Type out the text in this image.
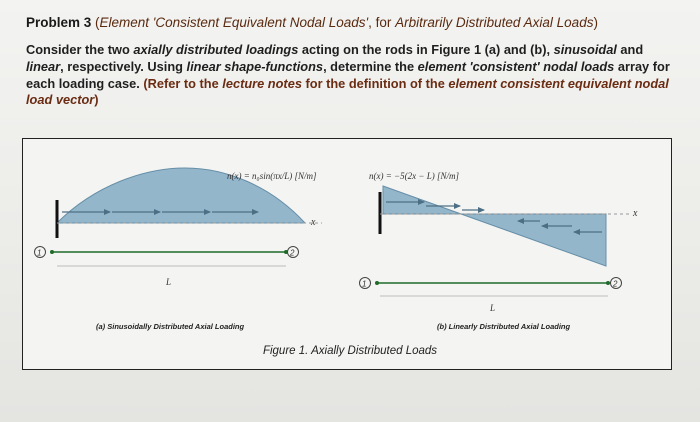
Problem 3 (Element 'Consistent Equivalent Nodal Loads', for Arbitrarily Distributed Axial Loads)
Consider the two axially distributed loadings acting on the rods in Figure 1 (a) and (b), sinusoidal and linear, respectively. Using linear shape-functions, determine the element 'consistent' nodal loads array for each loading case. (Refer to the lecture notes for the definition of the element consistent equivalent nodal load vector)
x
n(x) = n₀sin(πx/L) [N/m]
1	2
L
(a) Sinusoidally Distributed Axial Loading
x
n(x) = −5(2x − L) [N/m]
1	2
L
(b) Linearly Distributed Axial Loading
Figure 1. Axially Distributed Loads
